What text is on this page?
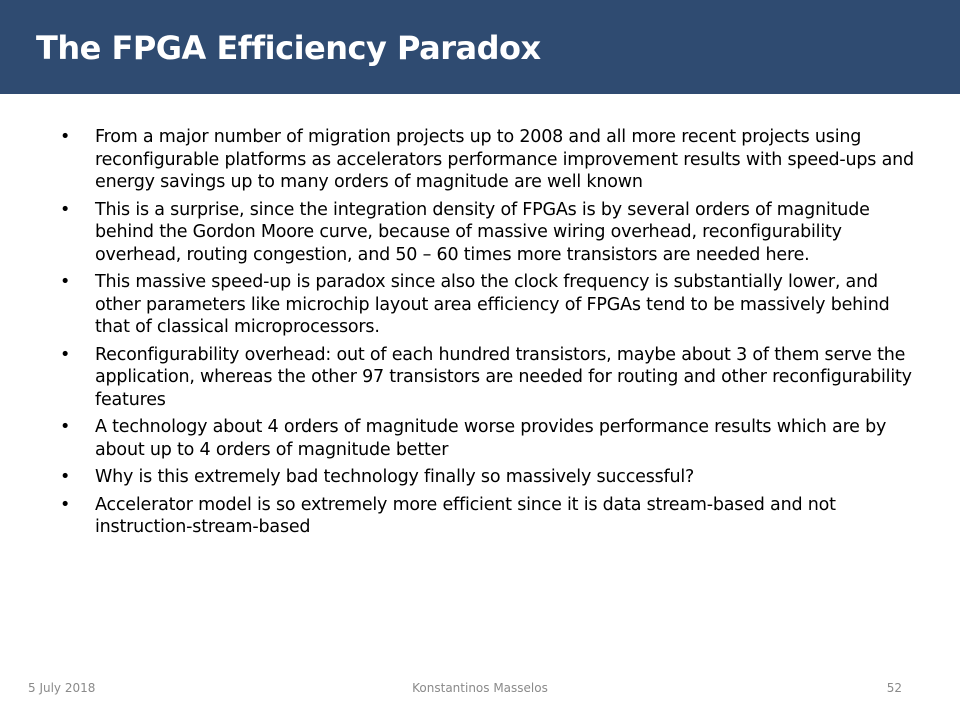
The FPGA Efficiency Paradox
•	From a major number of migration projects up to 2008 and all more recent projects using reconfigurable platforms as accelerators performance improvement results with speed-ups and energy savings up to many orders of magnitude are well known
•	This is a surprise, since the integration density of FPGAs is by several orders of magnitude behind the Gordon Moore curve, because of massive wiring overhead, reconfigurability overhead, routing congestion, and 50 – 60 times more transistors are needed here.
•	This massive speed-up is paradox since also the clock frequency is substantially lower, and other parameters like microchip layout area efficiency of FPGAs tend to be massively behind that of classical microprocessors.
•	Reconfigurability overhead: out of each hundred transistors, maybe about 3 of them serve the application, whereas the other 97 transistors are needed for routing and other reconfigurability features
•	A technology about 4 orders of magnitude worse provides performance results which are by about up to 4 orders of magnitude better
•	Why is this extremely bad technology finally so massively successful?
•	Accelerator model is so extremely more efficient since it is data stream-based and not instruction-stream-based
5 July 2018	Konstantinos Masselos	52
